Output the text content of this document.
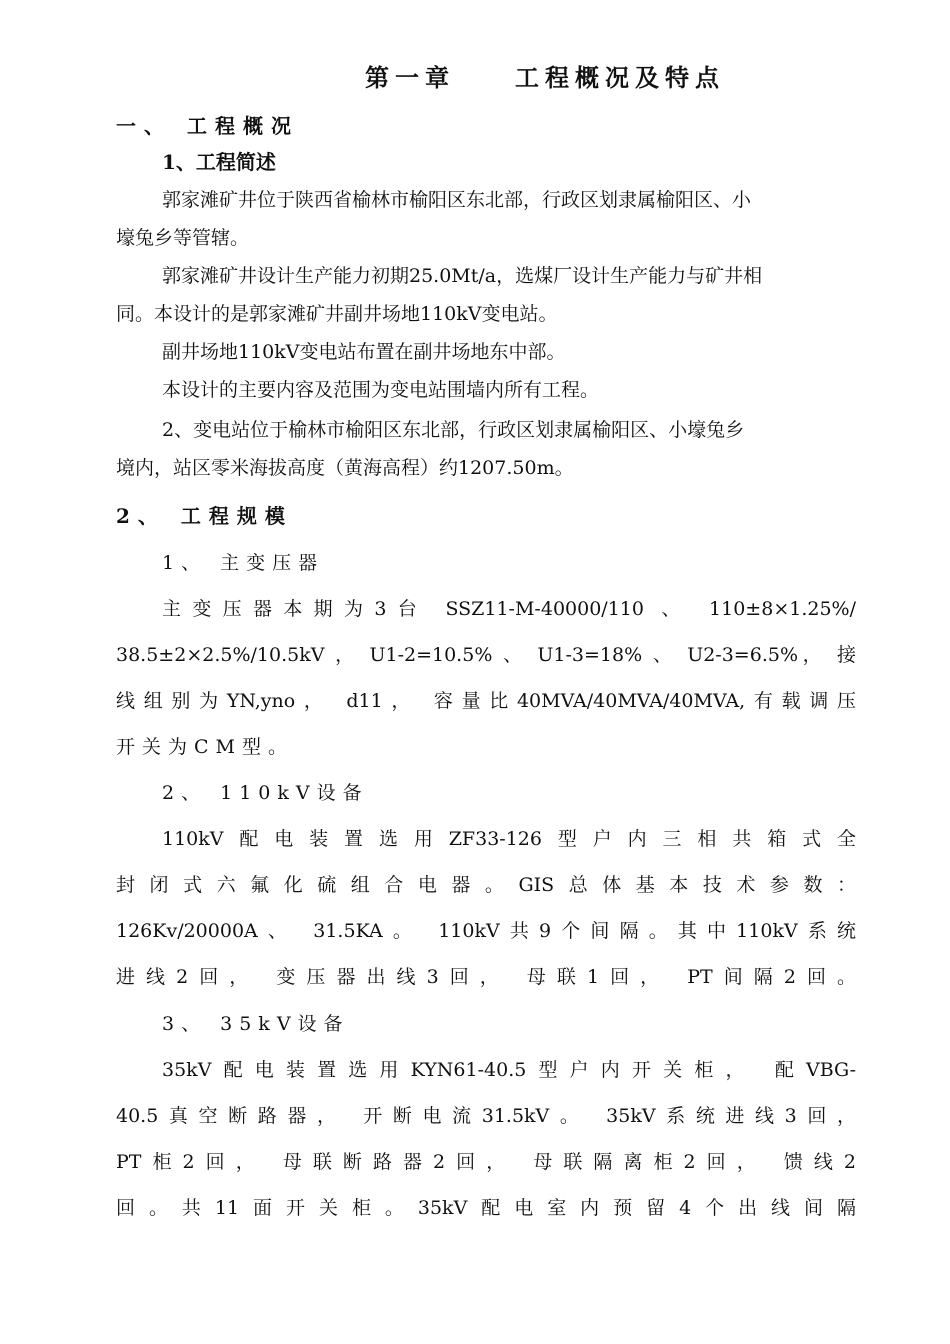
第一章　　工程概况及特点
一、 工程概况
1、工程简述
郭家滩矿井位于陕西省榆林市榆阳区东北部，行政区划隶属榆阳区、小
壕兔乡等管辖。
郭家滩矿井设计生产能力初期25.0Mt/a，选煤厂设计生产能力与矿井相
同。本设计的是郭家滩矿井副井场地110kV变电站。
副井场地110kV变电站布置在副井场地东中部。
本设计的主要内容及范围为变电站围墙内所有工程。
2、变电站位于榆林市榆阳区东北部，行政区划隶属榆阳区、小壕兔乡
境内，站区零米海拔高度（黄海高程）约1207.50m。
2、 工程规模
1、 主变压器
主变压器本期为3台 SSZ11-M-40000/110 、 110±8×1.25%/
38.5±2×2.5%/10.5kV ， U1-2=10.5% 、 U1-3=18% 、 U2-3=6.5%， 接
线组别为YN,yno， d11， 容量比40MVA/40MVA/40MVA,有载调压
开关为CM型。
2、 110kV设备
110kV配电装置选用ZF33-126型户内三相共箱式全
封闭式六氟化硫组合电器。GIS总体基本技术参数：
126Kv/20000A、 31.5KA。 110kV共9个间隔。其中110kV系统
进线2回， 变压器出线3回， 母联1回， PT间隔2回。
3、 35kV设备
35kV配电装置选用KYN61-40.5型户内开关柜， 配VBG-
40.5真空断路器， 开断电流31.5kV。 35kV系统进线3回，
PT柜2回， 母联断路器2回， 母联隔离柜2回， 馈线2
回。共11面开关柜。35kV配电室内预留4个出线间隔
